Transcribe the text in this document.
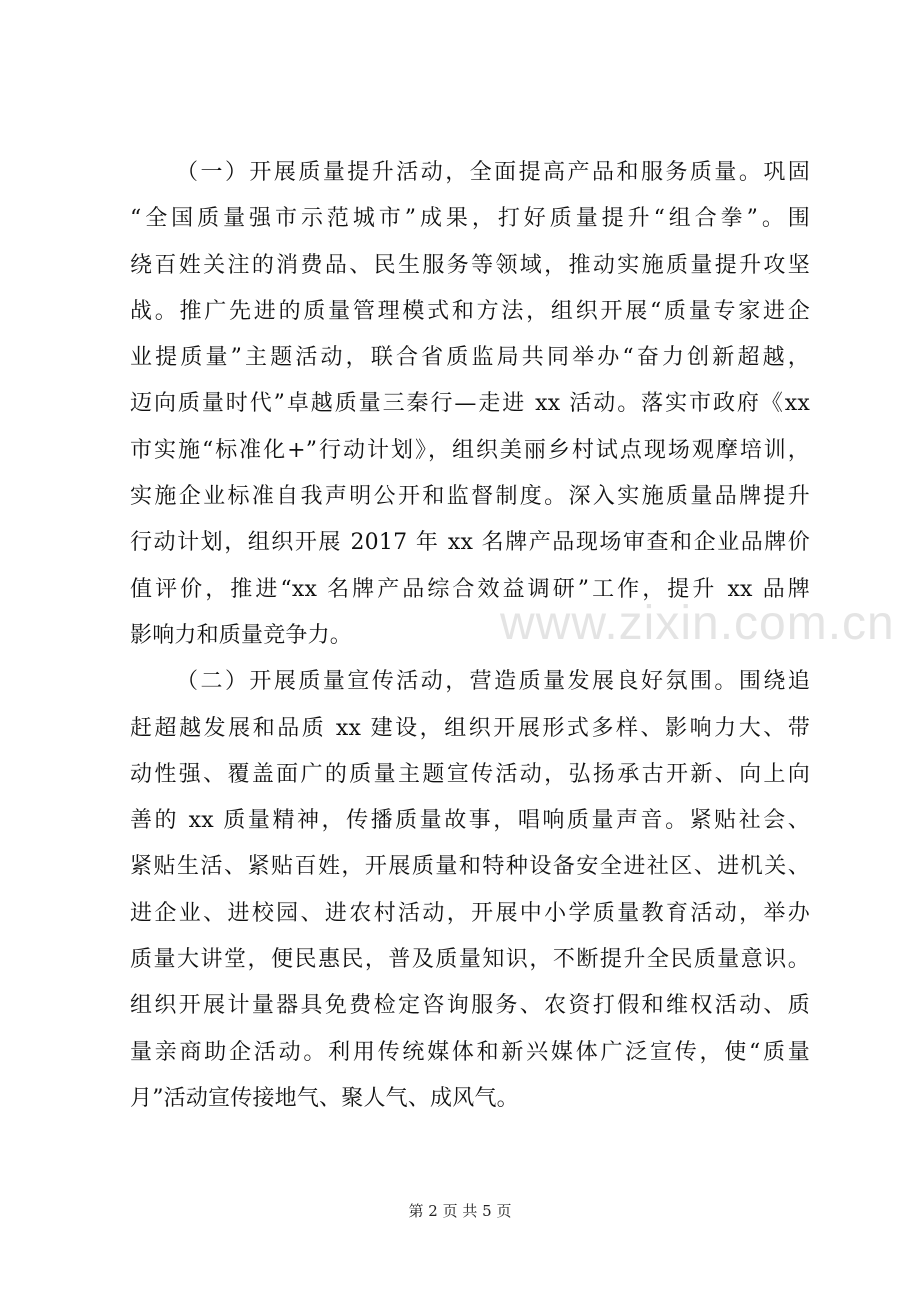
（一）开展质量提升活动，全面提高产品和服务质量。巩固
“全国质量强市示范城市”成果，打好质量提升“组合拳”。围
绕百姓关注的消费品、民生服务等领域，推动实施质量提升攻坚
战。推广先进的质量管理模式和方法，组织开展“质量专家进企
业提质量”主题活动，联合省质监局共同举办“奋力创新超越，
迈向质量时代”卓越质量三秦行—走进 xx 活动。落实市政府《xx
市实施“标准化+”行动计划》，组织美丽乡村试点现场观摩培训，
实施企业标准自我声明公开和监督制度。深入实施质量品牌提升
行动计划，组织开展 2017 年 xx 名牌产品现场审查和企业品牌价
值评价，推进“xx 名牌产品综合效益调研”工作，提升 xx 品牌
影响力和质量竞争力。
（二）开展质量宣传活动，营造质量发展良好氛围。围绕追
赶超越发展和品质 xx 建设，组织开展形式多样、影响力大、带
动性强、覆盖面广的质量主题宣传活动，弘扬承古开新、向上向
善的 xx 质量精神，传播质量故事，唱响质量声音。紧贴社会、
紧贴生活、紧贴百姓，开展质量和特种设备安全进社区、进机关、
进企业、进校园、进农村活动，开展中小学质量教育活动，举办
质量大讲堂，便民惠民，普及质量知识，不断提升全民质量意识。
组织开展计量器具免费检定咨询服务、农资打假和维权活动、质
量亲商助企活动。利用传统媒体和新兴媒体广泛宣传，使“质量
月”活动宣传接地气、聚人气、成风气。
www.zixin.com.cn
第 2 页 共 5 页
